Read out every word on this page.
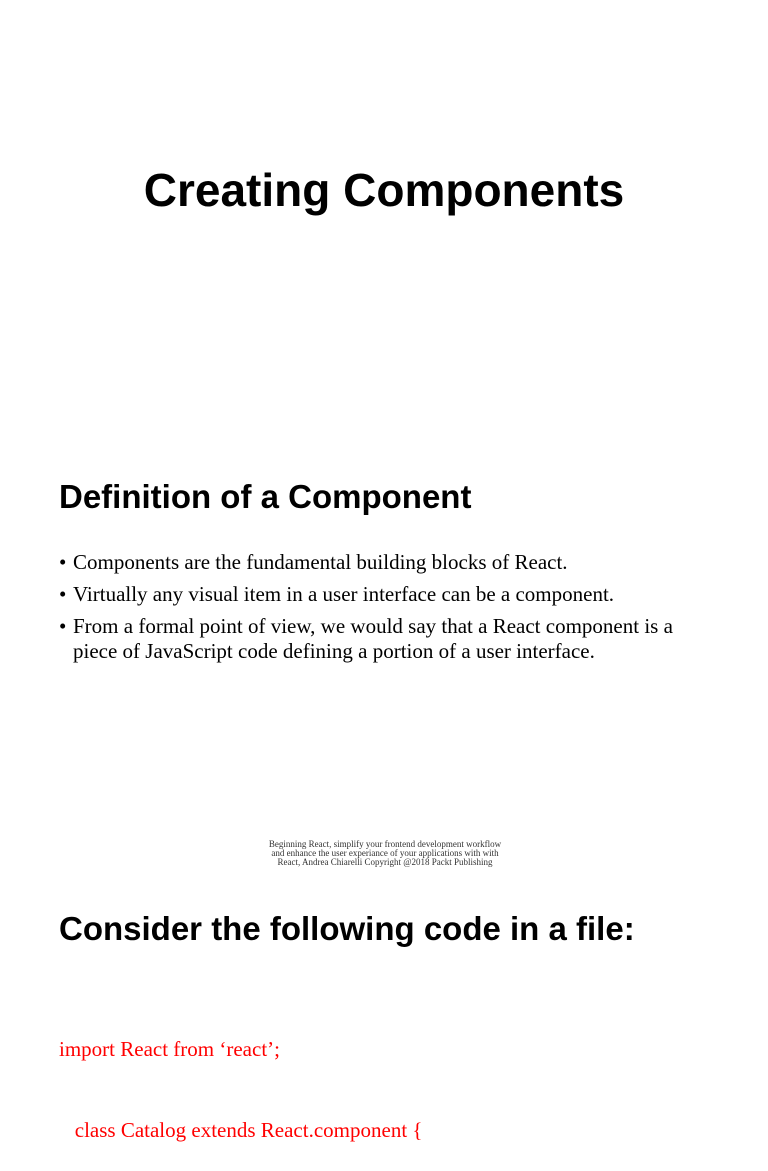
Creating Components
Definition of a Component
• Components are the fundamental building blocks of React.
• Virtually any visual item in a user interface can be a component.
• From a formal point of view, we would say that a React component is a piece of JavaScript code defining a portion of a user interface.
Beginning React, simplify your frontend development workflow
and enhance the user experiance of your applications with with
React, Andrea Chiarelli Copyright @2018 Packt Publishing
Consider the following code in a file:

import React from ‘react’;

class Catalog extends React.component {
